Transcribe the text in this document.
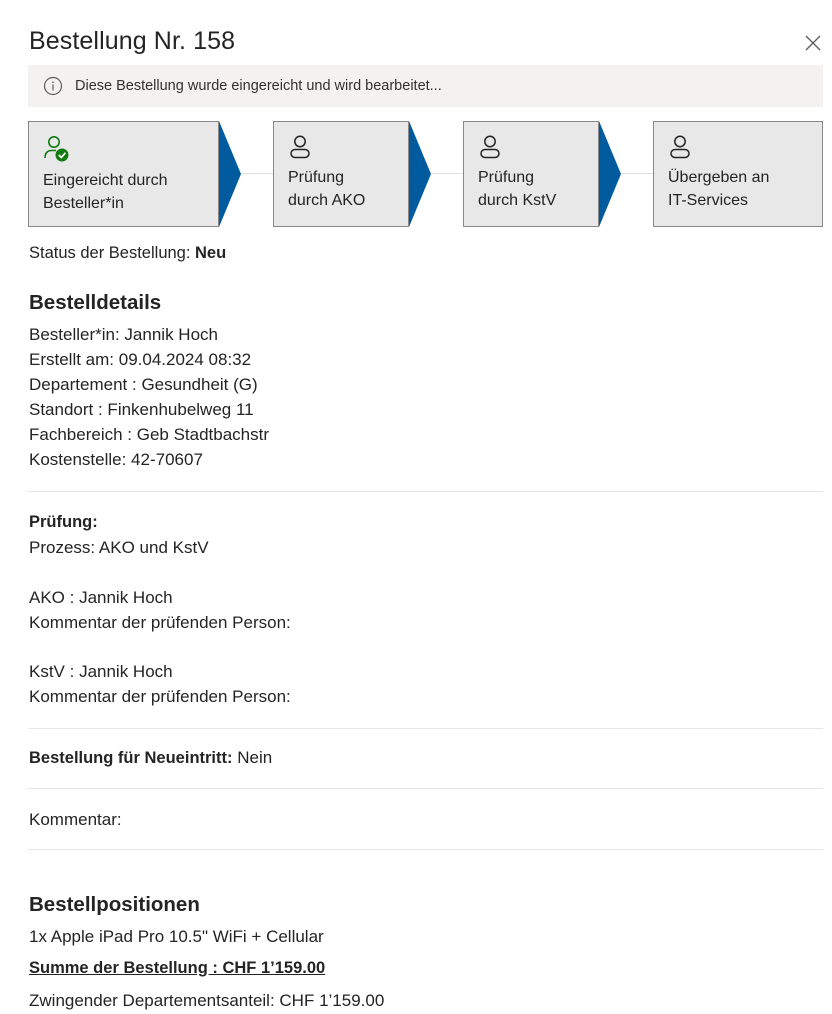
Bestellung Nr. 158
Diese Bestellung wurde eingereicht und wird bearbeitet...
Eingereicht durch
Besteller*in
Prüfung
durch AKO
Prüfung
durch KstV
Übergeben an
IT-Services
Status der Bestellung: Neu
Bestelldetails
Besteller*in: Jannik Hoch
Erstellt am: 09.04.2024 08:32
Departement : Gesundheit (G)
Standort : Finkenhubelweg 11
Fachbereich : Geb Stadtbachstr
Kostenstelle: 42-70607
Prüfung:
Prozess: AKO und KstV
AKO : Jannik Hoch
Kommentar der prüfenden Person:
KstV : Jannik Hoch
Kommentar der prüfenden Person:
Bestellung für Neueintritt: Nein
Kommentar:
Bestellpositionen
1x Apple iPad Pro 10.5" WiFi + Cellular
Summe der Bestellung : CHF 1’159.00
Zwingender Departementsanteil: CHF 1’159.00
